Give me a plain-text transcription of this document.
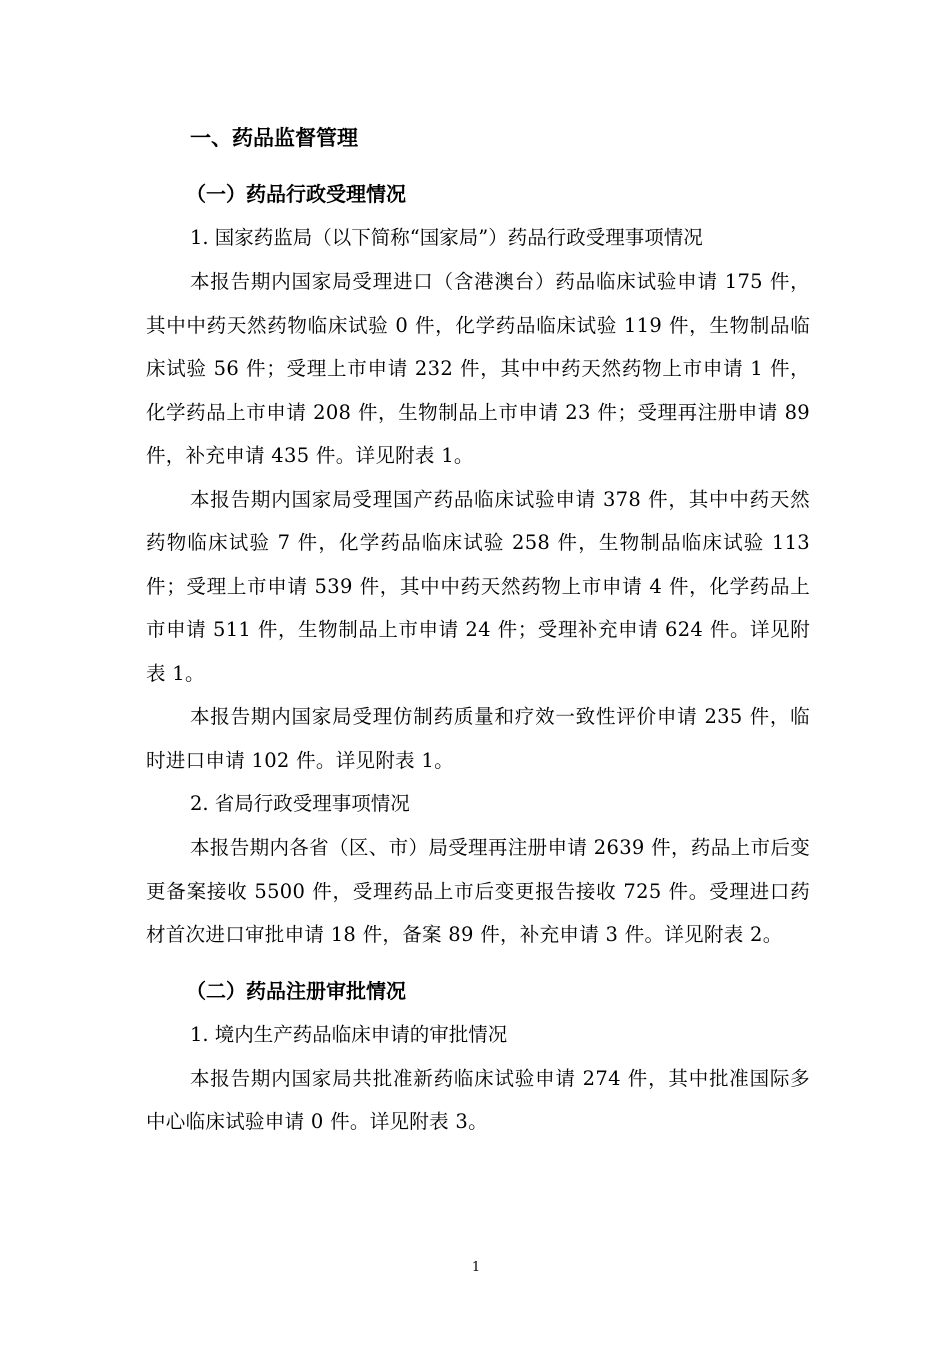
一、药品监督管理
（一）药品行政受理情况
1. 国家药监局（以下简称“国家局”）药品行政受理事项情况

本报告期内国家局受理进口（含港澳台）药品临床试验申请 175 件，其中中药天然药物临床试验 0 件，化学药品临床试验 119 件，生物制品临床试验 56 件；受理上市申请 232 件，其中中药天然药物上市申请 1 件，化学药品上市申请 208 件，生物制品上市申请 23 件；受理再注册申请 89 件，补充申请 435 件。详见附表 1。

本报告期内国家局受理国产药品临床试验申请 378 件，其中中药天然药物临床试验 7 件，化学药品临床试验 258 件，生物制品临床试验 113 件；受理上市申请 539 件，其中中药天然药物上市申请 4 件，化学药品上市申请 511 件，生物制品上市申请 24 件；受理补充申请 624 件。详见附表 1。

本报告期内国家局受理仿制药质量和疗效一致性评价申请 235 件，临时进口申请 102 件。详见附表 1。

2. 省局行政受理事项情况

本报告期内各省（区、市）局受理再注册申请 2639 件，药品上市后变更备案接收 5500 件，受理药品上市后变更报告接收 725 件。受理进口药材首次进口审批申请 18 件，备案 89 件，补充申请 3 件。详见附表 2。

（二）药品注册审批情况
1. 境内生产药品临床申请的审批情况

本报告期内国家局共批准新药临床试验申请 274 件，其中批准国际多中心临床试验申请 0 件。详见附表 3。

1
